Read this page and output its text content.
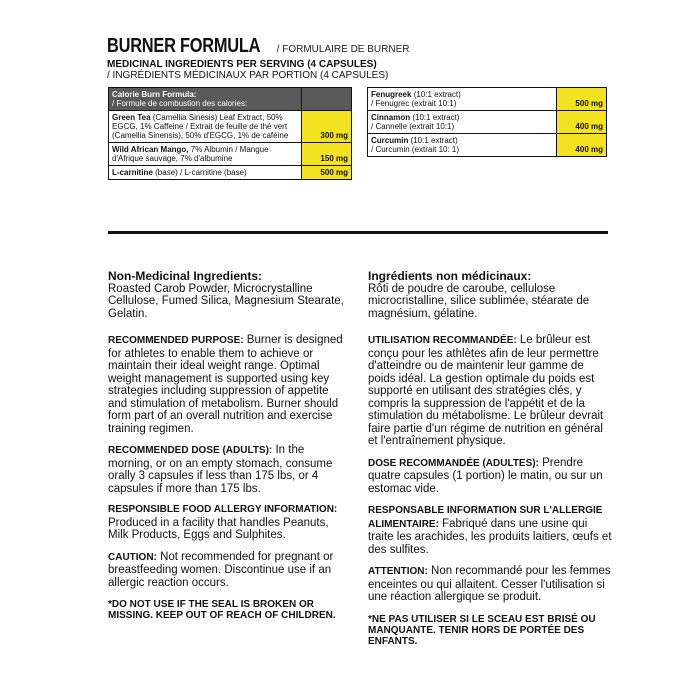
BURNER FORMULA / FORMULAIRE DE BURNER
MEDICINAL INGREDIENTS PER SERVING (4 CAPSULES)
/ INGRÉDIENTS MÉDICINAUX PAR PORTION (4 CAPSULES)
Calorie Burn Formula:
/ Formule de combustion des calories:	
Green Tea (Camellia Sinesis) Leaf Extract, 50% EGCG, 1% Caffeine / Extrait de feuille de thé vert (Camellia Sinensis), 50% d'EGCG, 1% de caféine	300 mg
Wild African Mango, 7% Albumin / Mangue d'Afrique sauvage, 7% d'albumine	150 mg
L-carnitine (base) / L-carnitine (base)	500 mg
Fenugreek (10:1 extract)
/ Fenugrec (extrait 10:1)	500 mg
Cinnamon (10:1 extract)
/ Cannelle (extrait 10:1)	400 mg
Curcumin (10:1 extract)
/ Curcumin (extrait 10: 1)	400 mg
Non-Medicinal Ingredients:
Roasted Carob Powder, Microcrystalline Cellulose, Fumed Silica, Magnesium Stearate, Gelatin.
RECOMMENDED PURPOSE: Burner is designed for athletes to enable them to achieve or maintain their ideal weight range. Optimal weight management is supported using key strategies including suppression of appetite and stimulation of metabolism. Burner should form part of an overall nutrition and exercise training regimen.
RECOMMENDED DOSE (ADULTS): In the morning, or on an empty stomach, consume orally 3 capsules if less than 175 lbs, or 4 capsules if more than 175 lbs.
RESPONSIBLE FOOD ALLERGY INFORMATION:
Produced in a facility that handles Peanuts, Milk Products, Eggs and Sulphites.
CAUTION: Not recommended for pregnant or breastfeeding women. Discontinue use if an allergic reaction occurs.
*DO NOT USE IF THE SEAL IS BROKEN OR MISSING. KEEP OUT OF REACH OF CHILDREN.
Ingrédients non médicinaux:
Rôti de poudre de caroube, cellulose microcristalline, silice sublimée, stéarate de magnésium, gélatine.
UTILISATION RECOMMANDÉE: Le brûleur est conçu pour les athlètes afin de leur permettre d'atteindre ou de maintenir leur gamme de poids idéal. La gestion optimale du poids est supporté en utilisant des stratégies clés, y compris la suppression de l'appétit et de la stimulation du métabolisme. Le brûleur devrait faire partie d'un régime de nutrition en général et l'entraînement physique.
DOSE RECOMMANDÉE (ADULTES): Prendre quatre capsules (1 portion) le matin, ou sur un estomac vide.
RESPONSABLE INFORMATION SUR L'ALLERGIE ALIMENTAIRE: Fabriqué dans une usine qui traite les arachides, les produits laitiers, œufs et des sulfites.
ATTENTION: Non recommandé pour les femmes enceintes ou qui allaitent. Cesser l'utilisation si une réaction allergique se produit.
*NE PAS UTILISER SI LE SCEAU EST BRISÉ OU MANQUANTE. TENIR HORS DE PORTÉE DES ENFANTS.
